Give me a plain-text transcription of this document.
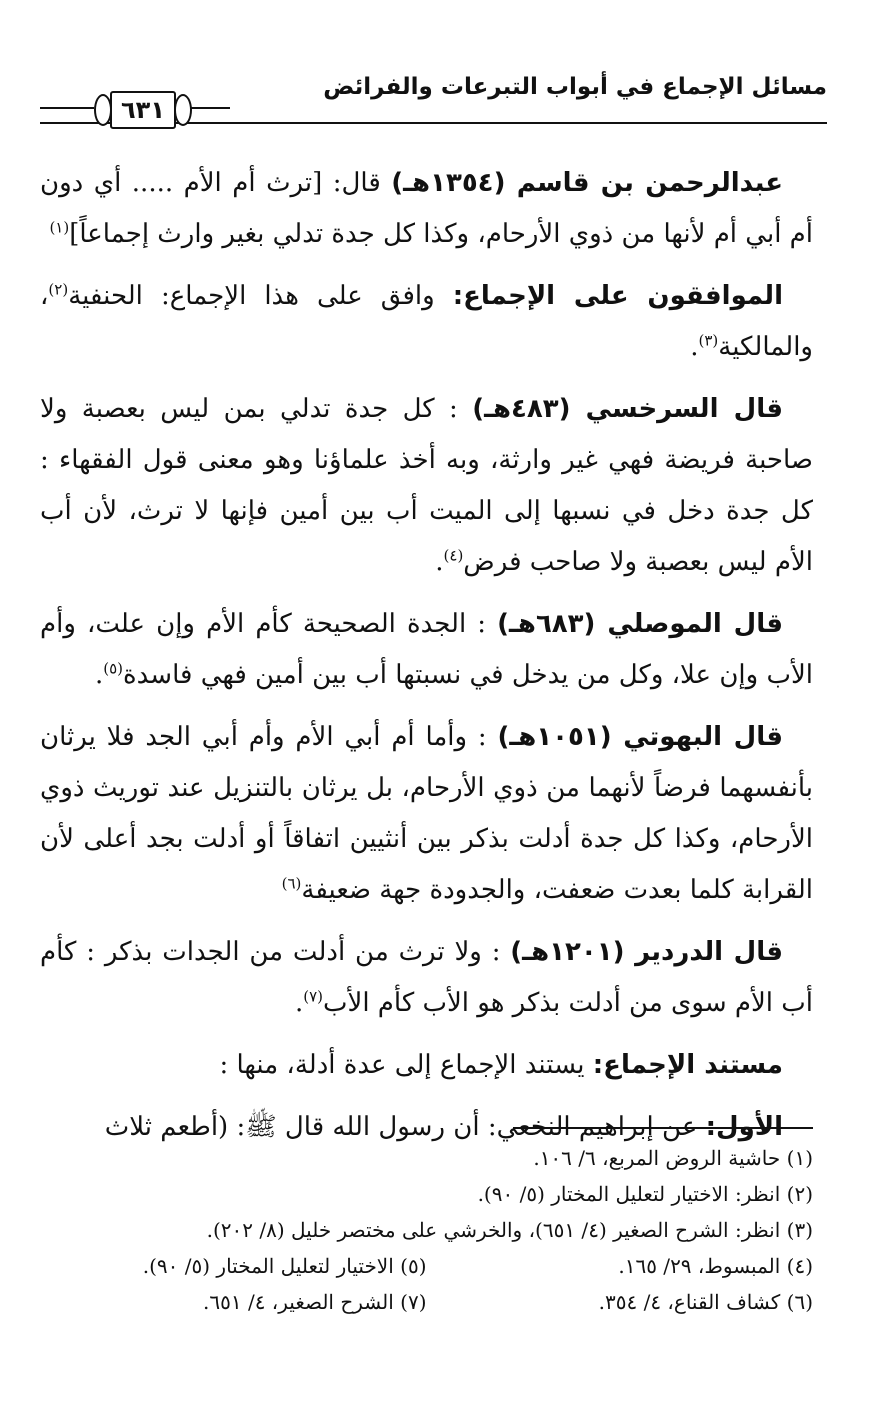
مسائل الإجماع في أبواب التبرعات والفرائض
٦٣١

عبدالرحمن بن قاسم (١٣٥٤هـ) قال: [ترث أم الأم ..... أي دون أم أبي أم لأنها من ذوي الأرحام، وكذا كل جدة تدلي بغير وارث إجماعاً]$^{(١)}$

الموافقون على الإجماع: وافق على هذا الإجماع: الحنفية$^{(٢)}$، والمالكية$^{(٣)}$.

قال السرخسي (٤٨٣هـ) : كل جدة تدلي بمن ليس بعصبة ولا صاحبة فريضة فهي غير وارثة، وبه أخذ علماؤنا وهو معنى قول الفقهاء : كل جدة دخل في نسبها إلى الميت أب بين أمين فإنها لا ترث، لأن أب الأم ليس بعصبة ولا صاحب فرض$^{(٤)}$.

قال الموصلي (٦٨٣هـ) : الجدة الصحيحة كأم الأم وإن علت، وأم الأب وإن علا، وكل من يدخل في نسبتها أب بين أمين فهي فاسدة$^{(٥)}$.

قال البهوتي (١٠٥١هـ) : وأما أم أبي الأم وأم أبي الجد فلا يرثان بأنفسهما فرضاً لأنهما من ذوي الأرحام، بل يرثان بالتنزيل عند توريث ذوي الأرحام، وكذا كل جدة أدلت بذكر بين أنثيين اتفاقاً أو أدلت بجد أعلى لأن القرابة كلما بعدت ضعفت، والجدودة جهة ضعيفة$^{(٦)}$

قال الدردير (١٢٠١هـ) : ولا ترث من أدلت من الجدات بذكر : كأم أب الأم سوى من أدلت بذكر هو الأب كأم الأب$^{(٧)}$.

مستند الإجماع: يستند الإجماع إلى عدة أدلة، منها :

الأول: عن إبراهيم النخعي: أن رسول الله قال ﷺ: (أطعم ثلاث

(١) حاشية الروض المربع، ٦/ ١٠٦.
(٢) انظر: الاختيار لتعليل المختار (٥/ ٩٠).
(٣) انظر: الشرح الصغير (٤/ ٦٥١)، والخرشي على مختصر خليل (٨/ ٢٠٢).
(٤) المبسوط، ٢٩/ ١٦٥.
(٥) الاختيار لتعليل المختار (٥/ ٩٠).
(٦) كشاف القناع، ٤/ ٣٥٤.
(٧) الشرح الصغير، ٤/ ٦٥١.
